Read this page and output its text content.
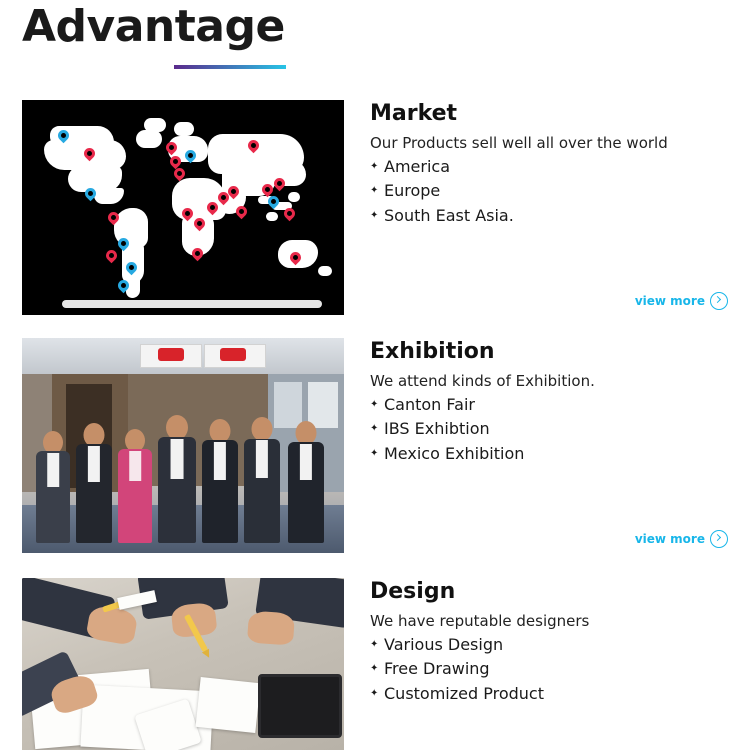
Advantage
Market

Our Products sell well all over the world

✦ America
✦ Europe
✦ South East Asia.
view more
Exhibition

We attend kinds of Exhibition.

✦ Canton Fair
✦ IBS Exhibtion
✦ Mexico Exhibition
view more
Design

We have reputable designers

✦ Various Design
✦ Free Drawing
✦ Customized Product
